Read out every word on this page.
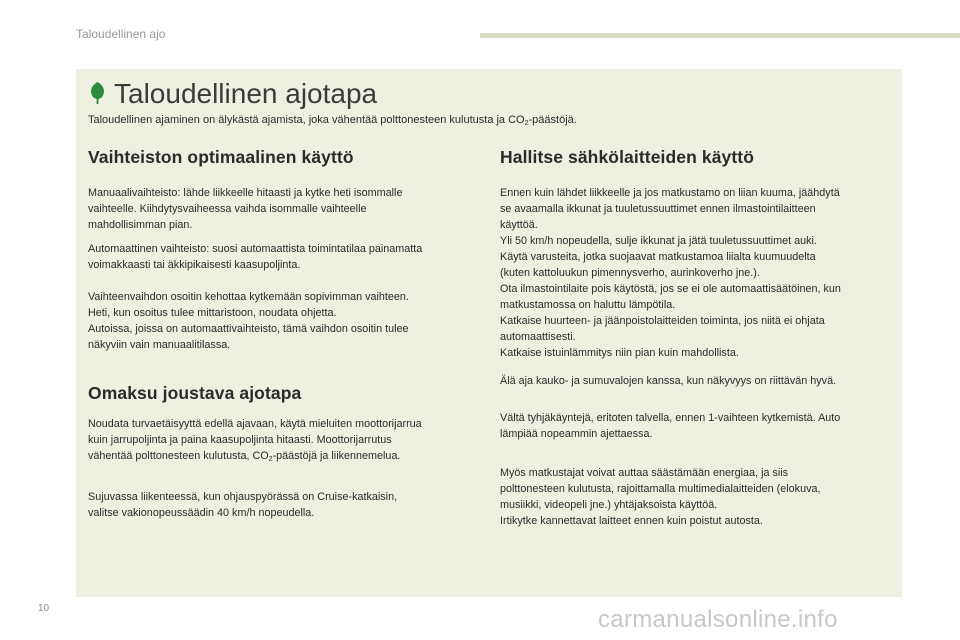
Taloudellinen ajo
Taloudellinen ajotapa

Taloudellinen ajaminen on älykästä ajamista, joka vähentää polttonesteen kulutusta ja $CO_2$-päästöjä.

Vaihteiston optimaalinen käyttö

Manuaalivaihteisto: lähde liikkeelle hitaasti ja kytke heti isommalle
vaihteelle. Kiihdytysvaiheessa vaihda isommalle vaihteelle
mahdollisimman pian.

Automaattinen vaihteisto: suosi automaattista toimintatilaa painamatta
voimakkaasti tai äkkipikaisesti kaasupoljinta.

Vaihteenvaihdon osoitin kehottaa kytkemään sopivimman vaihteen.
Heti, kun osoitus tulee mittaristoon, noudata ohjetta.
Autoissa, joissa on automaattivaihteisto, tämä vaihdon osoitin tulee
näkyviin vain manuaalitilassa.

Omaksu joustava ajotapa

Noudata turvaetäisyyttä edellä ajavaan, käytä mieluiten moottorijarrua
kuin jarrupoljinta ja paina kaasupoljinta hitaasti. Moottorijarrutus
vähentää polttonesteen kulutusta, $CO_2$-päästöjä ja liikennemelua.

Sujuvassa liikenteessä, kun ohjauspyörässä on Cruise-katkaisin,
valitse vakionopeussäädin 40 km/h nopeudella.

Hallitse sähkölaitteiden käyttö

Ennen kuin lähdet liikkeelle ja jos matkustamo on liian kuuma, jäähdytä
se avaamalla ikkunat ja tuuletussuuttimet ennen ilmastointilaitteen
käyttöä.
Yli 50 km/h nopeudella, sulje ikkunat ja jätä tuuletussuuttimet auki.
Käytä varusteita, jotka suojaavat matkustamoa liialta kuumuudelta
(kuten kattoluukun pimennysverho, aurinkoverho jne.).
Ota ilmastointilaite pois käytöstä, jos se ei ole automaattisäätöinen, kun
matkustamossa on haluttu lämpötila.
Katkaise huurteen- ja jäänpoistolaitteiden toiminta, jos niitä ei ohjata
automaattisesti.
Katkaise istuinlämmitys niin pian kuin mahdollista.

Älä aja kauko- ja sumuvalojen kanssa, kun näkyvyys on riittävän hyvä.

Vältä tyhjäkäyntejä, eritoten talvella, ennen 1-vaihteen kytkemistä. Auto
lämpiää nopeammin ajettaessa.

Myös matkustajat voivat auttaa säästämään energiaa, ja siis
polttonesteen kulutusta, rajoittamalla multimedialaitteiden (elokuva,
musiikki, videopeli jne.) yhtäjaksoista käyttöä.
Irtikytke kannettavat laitteet ennen kuin poistut autosta.

10	carmanualsonline.info
